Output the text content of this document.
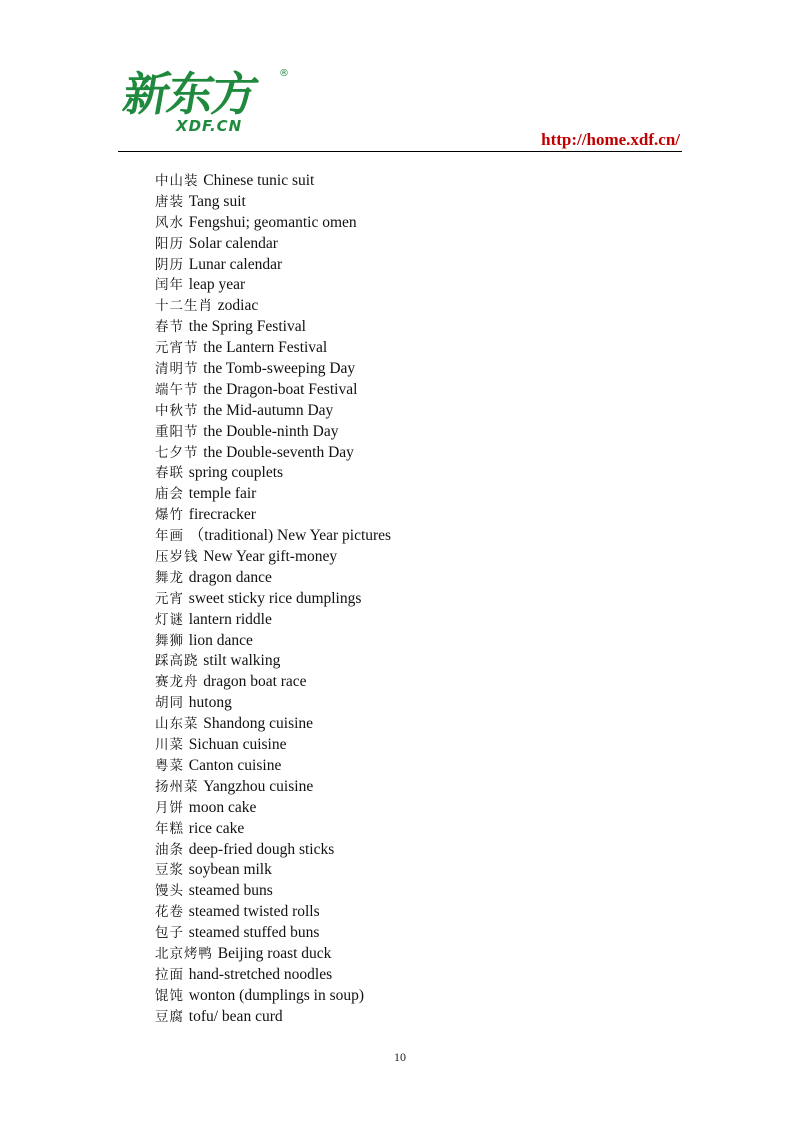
新东方 ®
XDF.CN
http://home.xdf.cn/
中山装 Chinese tunic suit
唐装 Tang suit
风水 Fengshui; geomantic omen
阳历 Solar calendar
阴历 Lunar calendar
闰年 leap year
十二生肖 zodiac
春节 the Spring Festival
元宵节 the Lantern Festival
清明节 the Tomb-sweeping Day
端午节 the Dragon-boat Festival
中秋节 the Mid-autumn Day
重阳节 the Double-ninth Day
七夕节 the Double-seventh Day
春联 spring couplets
庙会 temple fair
爆竹 firecracker
年画 （traditional) New Year pictures
压岁钱 New Year gift-money
舞龙 dragon dance
元宵 sweet sticky rice dumplings
灯谜 lantern riddle
舞狮 lion dance
踩高跷 stilt walking
赛龙舟 dragon boat race
胡同 hutong
山东菜 Shandong cuisine
川菜 Sichuan cuisine
粤菜 Canton cuisine
扬州菜 Yangzhou cuisine
月饼 moon cake
年糕 rice cake
油条 deep-fried dough sticks
豆浆 soybean milk
馒头 steamed buns
花卷 steamed twisted rolls
包子 steamed stuffed buns
北京烤鸭 Beijing roast duck
拉面 hand-stretched noodles
馄饨 wonton (dumplings in soup)
豆腐 tofu/ bean curd
10
